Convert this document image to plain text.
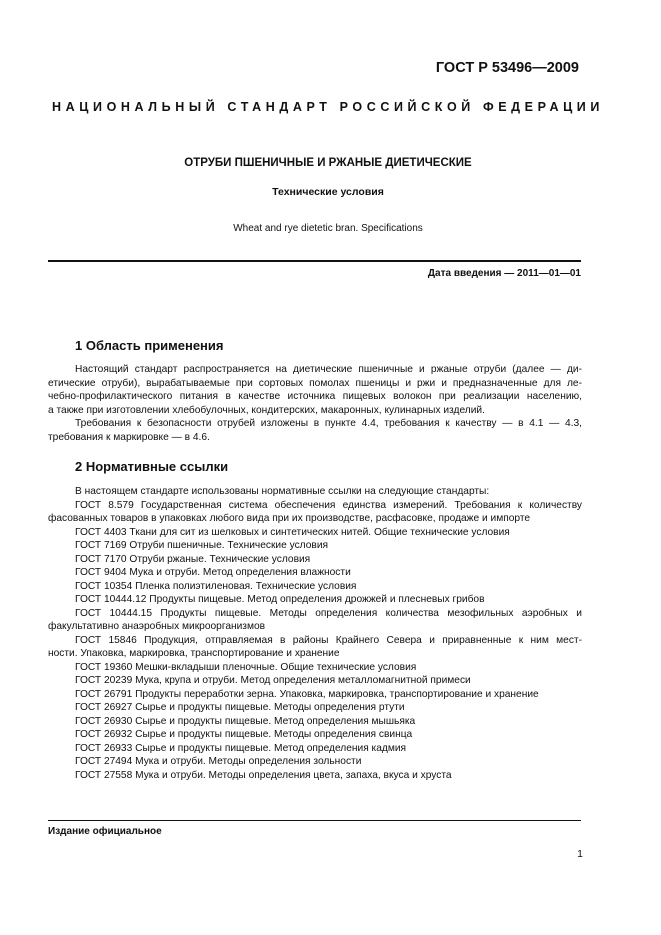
ГОСТ Р 53496—2009
НАЦИОНАЛЬНЫЙ СТАНДАРТ РОССИЙСКОЙ ФЕДЕРАЦИИ
ОТРУБИ ПШЕНИЧНЫЕ И РЖАНЫЕ ДИЕТИЧЕСКИЕ
Технические условия
Wheat and rye dietetic bran. Specifications
Дата введения — 2011—01—01
1 Область применения
Настоящий стандарт распространяется на диетические пшеничные и ржаные отруби (далее — ди-
етические отруби), вырабатываемые при сортовых помолах пшеницы и ржи и предназначенные для ле-
чебно-профилактического питания в качестве источника пищевых волокон при реализации населению,
а также при изготовлении хлебобулочных, кондитерских, макаронных, кулинарных изделий.
Требования к безопасности отрубей изложены в пункте 4.4, требования к качеству — в 4.1 — 4.3,
требования к маркировке — в 4.6.
2 Нормативные ссылки
В настоящем стандарте использованы нормативные ссылки на следующие стандарты:
ГОСТ 8.579 Государственная система обеспечения единства измерений. Требования к количеству
фасованных товаров в упаковках любого вида при их производстве, расфасовке, продаже и импорте
ГОСТ 4403 Ткани для сит из шелковых и синтетических нитей. Общие технические условия
ГОСТ 7169 Отруби пшеничные. Технические условия
ГОСТ 7170 Отруби ржаные. Технические условия
ГОСТ 9404 Мука и отруби. Метод определения влажности
ГОСТ 10354 Пленка полиэтиленовая. Технические условия
ГОСТ 10444.12 Продукты пищевые. Метод определения дрожжей и плесневых грибов
ГОСТ 10444.15 Продукты пищевые. Методы определения количества мезофильных аэробных и
факультативно анаэробных микроорганизмов
ГОСТ 15846 Продукция, отправляемая в районы Крайнего Севера и приравненные к ним мест-
ности. Упаковка, маркировка, транспортирование и хранение
ГОСТ 19360 Мешки-вкладыши пленочные. Общие технические условия
ГОСТ 20239 Мука, крупа и отруби. Метод определения металломагнитной примеси
ГОСТ 26791 Продукты переработки зерна. Упаковка, маркировка, транспортирование и хранение
ГОСТ 26927 Сырье и продукты пищевые. Методы определения ртути
ГОСТ 26930 Сырье и продукты пищевые. Метод определения мышьяка
ГОСТ 26932 Сырье и продукты пищевые. Методы определения свинца
ГОСТ 26933 Сырье и продукты пищевые. Метод определения кадмия
ГОСТ 27494 Мука и отруби. Методы определения зольности
ГОСТ 27558 Мука и отруби. Методы определения цвета, запаха, вкуса и хруста
Издание официальное
1
